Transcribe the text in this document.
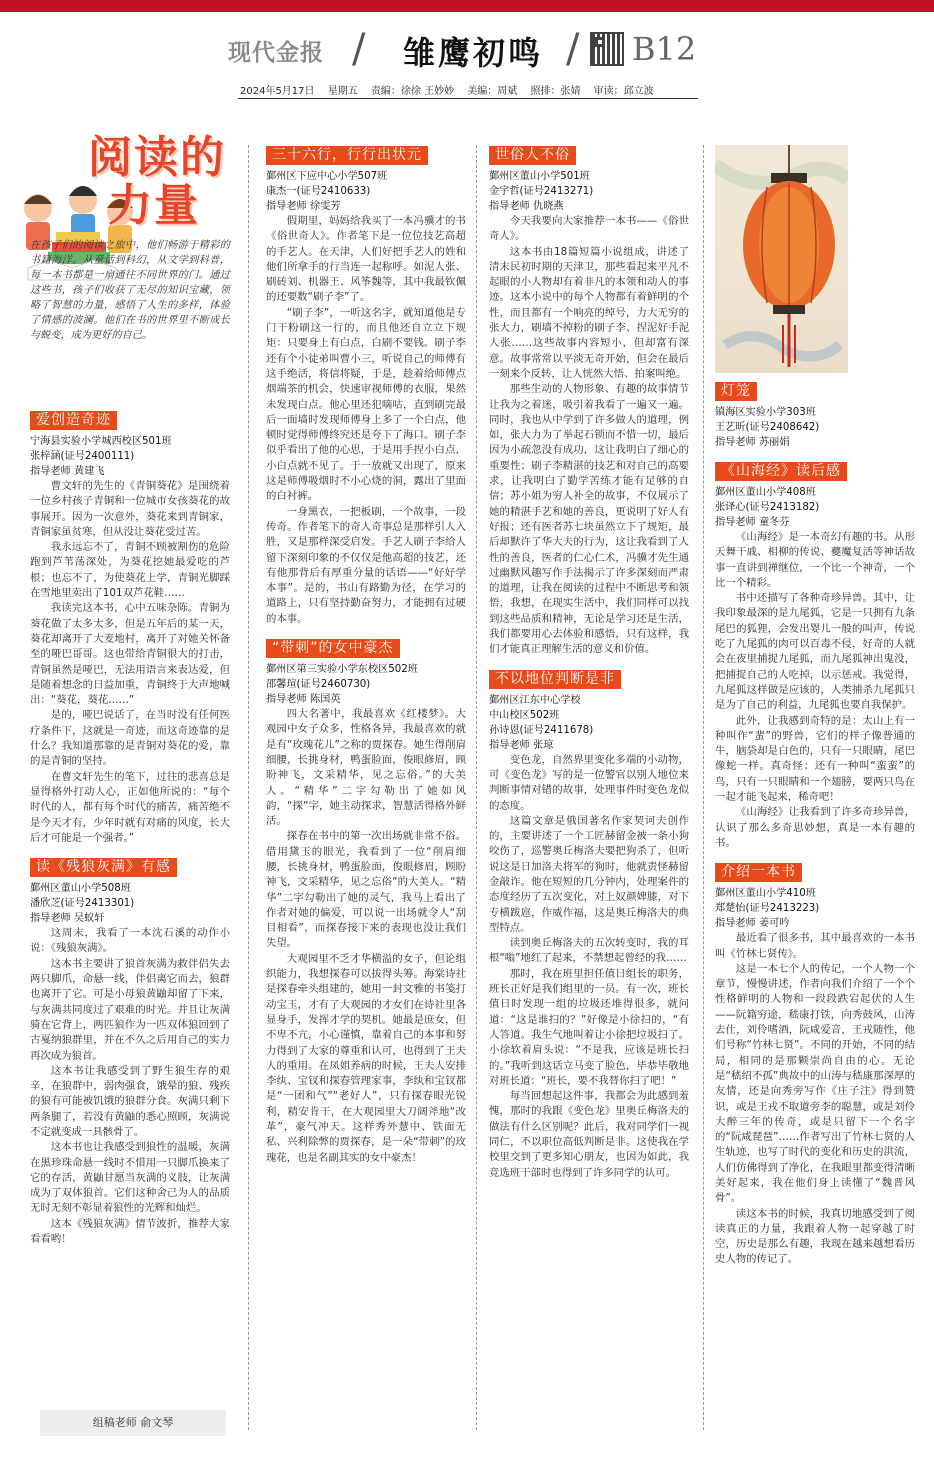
现代金报 / 雏鹰初鸣 / B12
2024年5月17日 星期五 责编：徐徐 王妙妙 美编：周斌 照排：张婧 审读：邱立波
阅读的
力量
在孩子们的阅读之旅中，他们畅游于精彩的书籍海洋。从童话到科幻，从文学到科普，每一本书都是一扇通往不同世界的门。通过这些书，孩子们收获了无尽的知识宝藏，领略了智慧的力量，感悟了人生的多样，体验了情感的波澜。他们在书的世界里不断成长与蜕变，成为更好的自己。
爱创造奇迹
宁海县实验小学城西校区501班
张梓涵(证号2400111)
指导老师 黄建飞

曹文轩的先生的《青铜葵花》是围绕着一位乡村孩子青铜和一位城市女孩葵花的故事展开。因为一次意外，葵花来到青铜家，青铜家虽贫寒，但从没让葵花受过苦。

我永远忘不了，青铜不顾被割伤的危险跑到芦苇荡深处，为葵花挖她最爱吃的芦根；也忘不了，为使葵花上学，青铜光脚踩在雪地里卖出了101双芦花鞋……

我读完这本书，心中五味杂陈。青铜为葵花做了太多太多，但是五年后的某一天，葵花却离开了大麦地村，离开了对她关怀备至的哑巴哥哥。这也带给青铜很大的打击，青铜虽然是哑巴，无法用语言来表达爱，但是随着想念的日益加重，青铜终于大声地喊出：“葵花，葵花……”

是的，哑巴说话了，在当时没有任何医疗条件下，这就是一奇迹，而这奇迹靠的是什么？我知道那靠的是青铜对葵花的爱，靠的是青铜的坚持。

在曹文轩先生的笔下，过往的悲喜总是显得格外打动人心，正如他所说的：“每个时代的人，都有每个时代的痛苦，痛苦绝不是今天才有，少年时就有对痛的风度，长大后才可能是一个强者。”

读《残狼灰满》有感
鄞州区董山小学508班
潘欣芝(证号2413301)
指导老师 吴蚁轩

这周末，我看了一本沈石溪的动作小说：《残狼灰满》。

这本书主要讲了狼首灰满为救伴侣失去两只脚爪，命悬一线，伴侣离它而去，狼群也离开了它。可是小母狼黄鼬却留了下来，与灰满共同度过了艰难的时光。并且让灰满骑在它背上，两匹狼作为一匹双体狼回到了古戛纳狼群里，并在不久之后用自己的实力再次成为狼首。

这本书让我感受到了野生狼生存的艰辛，在狼群中，弱肉强食，饿晕的狼、残疾的狼有可能被饥饿的狼群分食。灰满只剩下两条腿了，若没有黄鼬的悉心照顾，灰满说不定就变成一具骸骨了。

这本书也让我感受到狼性的温暖，灰满在黑珍珠命悬一线时不惜用一只脚爪换来了它的存活，黄鼬甘愿当灰满的义肢，让灰满成为了双体狼首。它们这种舍己为人的品质无时无刻不彰显着狼性的光辉和灿烂。

这本《残狼灰满》情节波折，推荐大家看看哟！

组稿老师 俞文琴
三十六行，行行出状元
鄞州区下应中心小学507班
康杰一(证号2410633)
指导老师 徐雯芳

假期里，妈妈给我买了一本冯骥才的书《俗世奇人》。作者笔下是一位位技艺高超的手艺人。在天津，人们好把手艺人的姓和他们所拿手的行当连一起称呼。如泥人张、刷砖刘、机器王、风筝魏等，其中我最钦佩的还要数“刷子李”了。

“刷子李”，一听这名字，就知道他是专门干粉刷这一行的，而且他还自立立下规矩：只要身上有白点，白刷不要钱。刷子李还有个小徒弟叫曹小三，听说自己的师傅有这手绝活，将信将疑，于是，趁着给师傅点烟端茶的机会，快速审视师傅的衣服，果然未发现白点。他心里还犯嘀咕，直到刷完最后一面墙时发现师傅身上多了一个白点，他顿时觉得师傅终究还是夸下了海口。刷子李似乎看出了他的心思，于是用手捏小白点，小白点就不见了。于一放就又出现了，原来这是师傅吸烟时不小心烧的洞，露出了里面的白衬裤。

一身黑衣，一把板刷，一个故事，一段传奇。作者笔下的奇人奇事总是那样引人入胜，又是那样深受启发。手艺人刷子李给人留下深刻印象的不仅仅是他高超的技艺，还有他那背后有厚重分量的话语——“好好学本事”。是的，书山有路勤为径，在学习的道路上，只有坚持勤奋努力，才能拥有过硬的本事。

“带刺”的女中豪杰
鄞州区第三实验小学东校区502班
邵馨瑄(证号2460730)
指导老师 陈国英

四大名著中，我最喜欢《红楼梦》。大观园中女子众多，性格各异，我最喜欢的就是有“玫瑰花儿”之称的贾探春。她生得削肩细腰，长挑身材，鸭蛋脸面，俊眼修眉，顾盼神飞，文采精华，见之忘俗。”的大美人。“精华”二字勾勒出了她如风韵，“探”字，她主动探求，智慧活得格外鲜活。

探春在书中的第一次出场就非常不俗。借用黛玉的眼光，我看到了一位“削肩细腰，长挑身材，鸭蛋脸面，俊眼修眉，顾盼神飞，文采精华，见之忘俗”的大美人。“精华”二字勾勒出了她的灵气，我马上看出了作者对她的偏爱，可以说一出场就令人“刮目相看”，而探春接下来的表现也没让我们失望。

大观园里不乏才华横溢的女子，但论组织能力，我想探春可以拔得头筹。海棠诗社是探春牵头组建的，她用一封文雅的书笺打动宝玉，才有了大观园的才女们在诗社里各显身手，发挥才学的契机。她最是庶女，但不卑不亢，小心谨慎，靠着自己的本事和努力得到了大家的尊重和认可，也得到了王夫人的重用。在凤姐养病的时候，王夫人安排李纨、宝钗和探春管理家事，李纨和宝钗都是“一团和气”“老好人”，只有探春眼光锐利，精安肯干，在大观园里大刀阔斧地“改革”，豪气冲天。这样秀外慧中、铁面无私、兴利除弊的贾探春，是一朵“带刺”的玫瑰花，也是名副其实的女中豪杰！

世俗人不俗
鄞州区董山小学501班
金宇哲(证号2413271)
指导老师 仇晓燕

今天我要向大家推荐一本书——《俗世奇人》。

这本书由18篇短篇小说组成，讲述了清末民初时期的天津卫，那些看起来平凡不起眼的小人物却有着非凡的本领和动人的事迹。这本小说中的每个人物都有着鲜明的个性，而且都有一个响亮的绰号，力大无穷的张大力，刷墙不掉粉的刷子李、捏泥好手泥人张……这些故事内容短小，但却富有深意。故事常常以平淡无奇开始，但会在最后一刻来个反转，让人恍然大悟、拍案叫绝。

那些生动的人物形象、有趣的故事情节让我为之着迷，吸引着我看了一遍又一遍。同时，我也从中学到了许多做人的道理，例如，张大力为了举起石锁而不惜一切，最后因为小疏忽没有成功，这让我明白了细心的重要性；刷子李精湛的技艺和对自己的高要求，让我明白了勤学苦练才能有足够的自信；苏小姐为穷人补全的故事，不仅展示了她的精湛手艺和她的善良，更说明了好人有好报；还有医者苏七块虽然立下了规矩，最后却默许了华大夫的行为，这让我看到了人性的善良，医者的仁心仁术，冯骥才先生通过幽默风趣写作手法揭示了许多深刻而严肃的道理，让我在阅读的过程中不断思考和领悟，我想，在现实生活中，我们同样可以找到这些品质和精神，无论是学习还是生活，我们都要用心去体验和感悟，只有这样，我们才能真正理解生活的意义和价值。

不以地位判断是非
鄞州区江东中心学校
中山校区502班
孙诗恩(证号2411678)
指导老师 张琼

变色龙，自然界里变化多端的小动物，可《变色龙》写的是一位警官以别人地位来判断事情对错的故事，处理事件时变色龙似的态度。

这篇文章是俄国著名作家契诃夫创作的，主要讲述了一个工匠赫留金被一条小狗咬伤了，巡警奥丘梅洛夫要把狗杀了，但听说这是日加洛夫将军的狗时，他就责怪赫留金敲诈。他在短短的几分钟内，处理案件的态度经历了五次变化，对上奴颜婢膝，对下专横跋扈，作威作福，这是奥丘梅洛夫的典型特点。

读到奥丘梅洛夫的五次转变时，我的耳根“嗡”地红了起来，不禁想起曾经的我……

那时，我在班里担任值日组长的职务，班长正好是我们组里的一员。有一次，班长值日时发现一组的垃圾还堆得很多，就问道：“这是谁扫的？”好像是小徐扫的，“有人答道。我生气地叫着让小徐把垃圾扫了。小徐软着肩头说：“不是我，应该是班长扫的。”我听到这话立马变了脸色，毕恭毕敬地对班长道：“班长，要不我替你扫了吧！”

每当回想起这件事，我都会为此感到羞愧，那时的我跟《变色龙》里奥丘梅洛夫的做法有什么区别呢？此后，我对同学们一视同仁，不以职位高低判断是非。这使我在学校里交到了更多知心朋友，也因为如此，我竞选班干部时也得到了许多同学的认可。

灯笼
镇海区实验小学303班
王艺昕(证号2408642)
指导老师 苏丽娟
《山海经》读后感
鄞州区董山小学408班
张译心(证号2413182)
指导老师 童冬芬

《山海经》是一本奇幻有趣的书。从形天舞干戚、相柳的传说、夔魔复活等神话故事一直讲到禅继位，一个比一个神奇，一个比一个精彩。

书中还描写了各种奇珍异兽。其中，让我印象最深的是九尾狐，它是一只拥有九条尾巴的狐狸，会发出婴儿一般的叫声，传说吃了九尾狐的肉可以百毒不侵，好奇的人就会在夜里捕捉九尾狐，而九尾狐神出鬼没，把捕捉自己的人吃掉，以示惩戒。我觉得，九尾狐这样做是应该的，人类捕杀九尾狐只是为了自己的利益，九尾狐也要自我保护。

此外，让我感到奇特的是：太山上有一种叫作“蜚”的野兽，它们的样子像普通的牛，脑袋却是白色的，只有一只眼睛，尾巴像蛇一样。真奇怪；还有一种叫“蛮蛮”的鸟，只有一只眼睛和一个翅膀，要两只鸟在一起才能飞起来，稀奇吧！

《山海经》让我看到了许多奇珍异兽，认识了那么多奇思妙想，真是一本有趣的书。

介绍一本书
鄞州区董山小学410班
郑楚怡(证号2413223)
指导老师 姜可吟

最近看了很多书，其中最喜欢的一本书叫《竹林七贤传》。

这是一本七个人的传记，一个人物一个章节，慢慢讲述，作者向我们介绍了一个个性格鲜明的人物和一段段跌宕起伏的人生——阮籍穷途，嵇康打铁，向秀鼓风，山涛去仕，刘伶嗜酒，阮咸爱音，王戎随性，他们号称“竹林七贤”。不同的开始，不同的结局，相同的是那颗崇尚自由的心。无论是“嵇绍不孤”典故中的山涛与嵇康那深厚的友情，还是向秀旁写作《庄子注》得到赞识，或是王戎不取道旁李的聪慧，或是刘伶大醉三年的传奇，或是只留下一个名字的“阮咸琵琶”……作者写出了竹林七贤的人生轨迹，也写了时代的变化和历史的洪流，人们仿佛得到了净化，在我眼里都变得清晰美好起来，我在他们身上读懂了“魏晋风骨”。

读这本书的时候，我真切地感受到了阅读真正的力量，我跟着人物一起穿越了时空，历史是那么有趣，我现在越来越想看历史人物的传记了。
